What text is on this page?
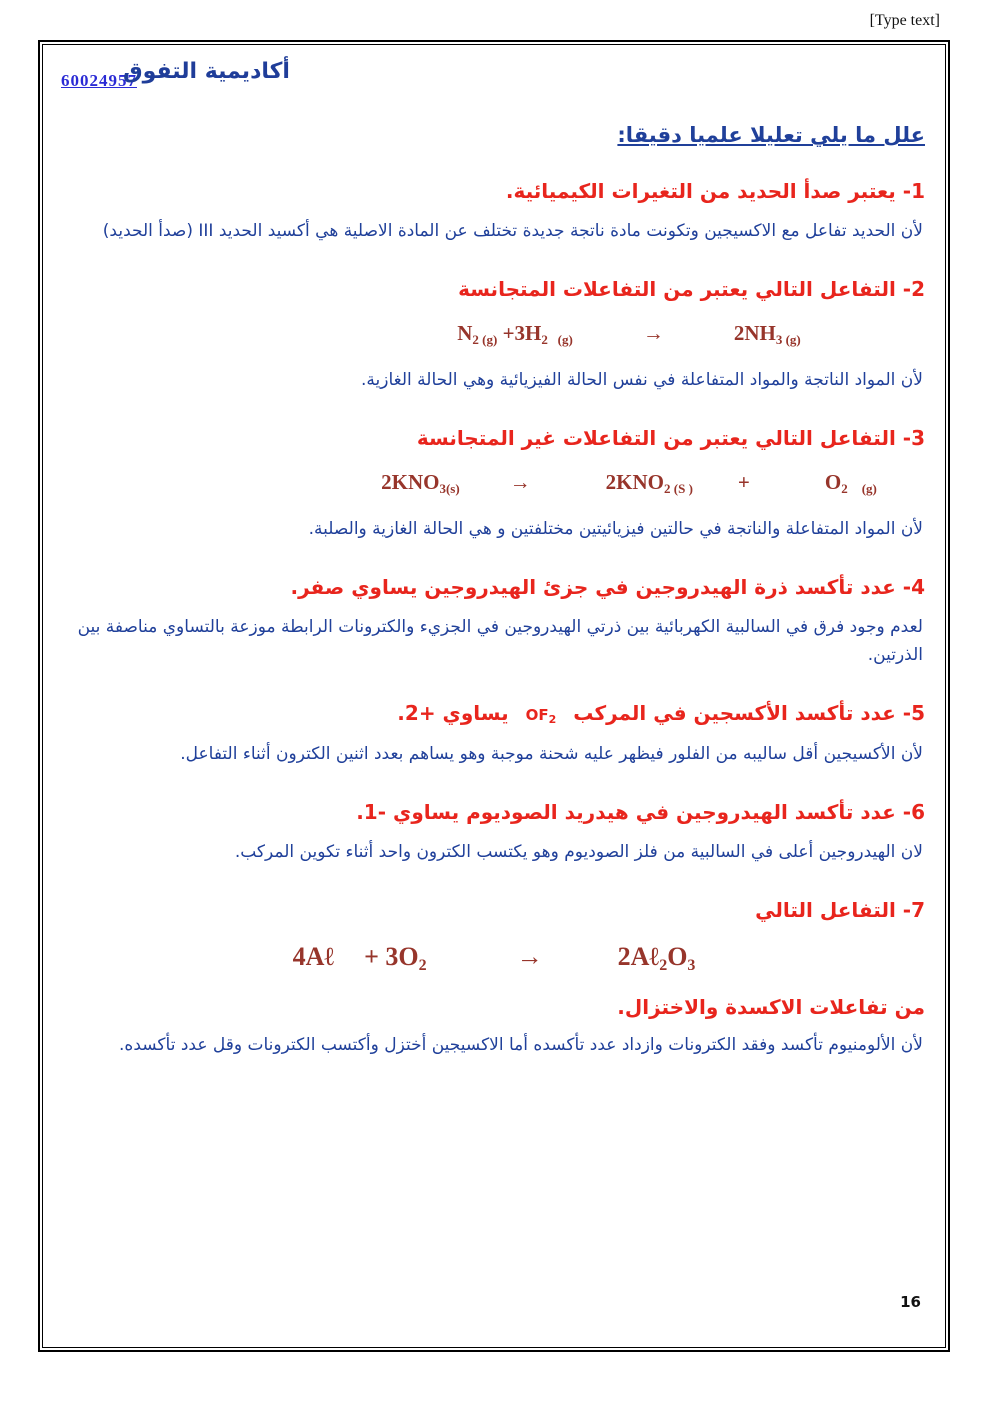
[Type text]
60024957
أكاديمية التفوق
علل ما يلي تعليلا علميا دقيقا:
1- يعتبر صدأ الحديد من التغيرات الكيميائية.

لأن الحديد تفاعل مع الاكسيجين وتكونت مادة ناتجة جديدة تختلف عن المادة الاصلية هي أكسيد الحديد III (صدأ الحديد)

2- التفاعل التالي يعتبر من التفاعلات المتجانسة
$N_{2 (g)} +3H_{2 (g)}$	→	$2NH_{3 (g)}$

لأن المواد الناتجة والمواد المتفاعلة في نفس الحالة الفيزيائية وهي الحالة الغازية.

3- التفاعل التالي يعتبر من التفاعلات غير المتجانسة
$2KNO_{3(s)}$ →	$2KNO_{2 (S )}$ +	$O_2$ $_{(g)}$

لأن المواد المتفاعلة والناتجة في حالتين فيزيائيتين مختلفتين و هي الحالة الغازية والصلبة.

4- عدد تأكسد ذرة الهيدروجين في جزئ الهيدروجين يساوي صفر.

لعدم وجود فرق في السالبية الكهربائية بين ذرتي الهيدروجين في الجزيء والكترونات الرابطة موزعة بالتساوي مناصفة بين الذرتين.

5- عدد تأكسد الأكسجين في المركب $OF_2$ يساوي +2.

لأن الأكسيجين أقل ساليبه من الفلور فيظهر عليه شحنة موجبة وهو يساهم بعدد اثنين الكترون أثناء التفاعل.

6- عدد تأكسد الهيدروجين في هيدريد الصوديوم يساوي -1.

لان الهيدروجين أعلى في السالبية من فلز الصوديوم وهو يكتسب الكترون واحد أثناء تكوين المركب.

7- التفاعل التالي
4Aℓ + $3O_2$	→	$2A\ell_2O_3$
من تفاعلات الاكسدة والاختزال.

لأن الألومنيوم تأكسد وفقد الكترونات وازداد عدد تأكسده أما الاكسيجين أختزل وأكتسب الكترونات وقل عدد تأكسده.

16
